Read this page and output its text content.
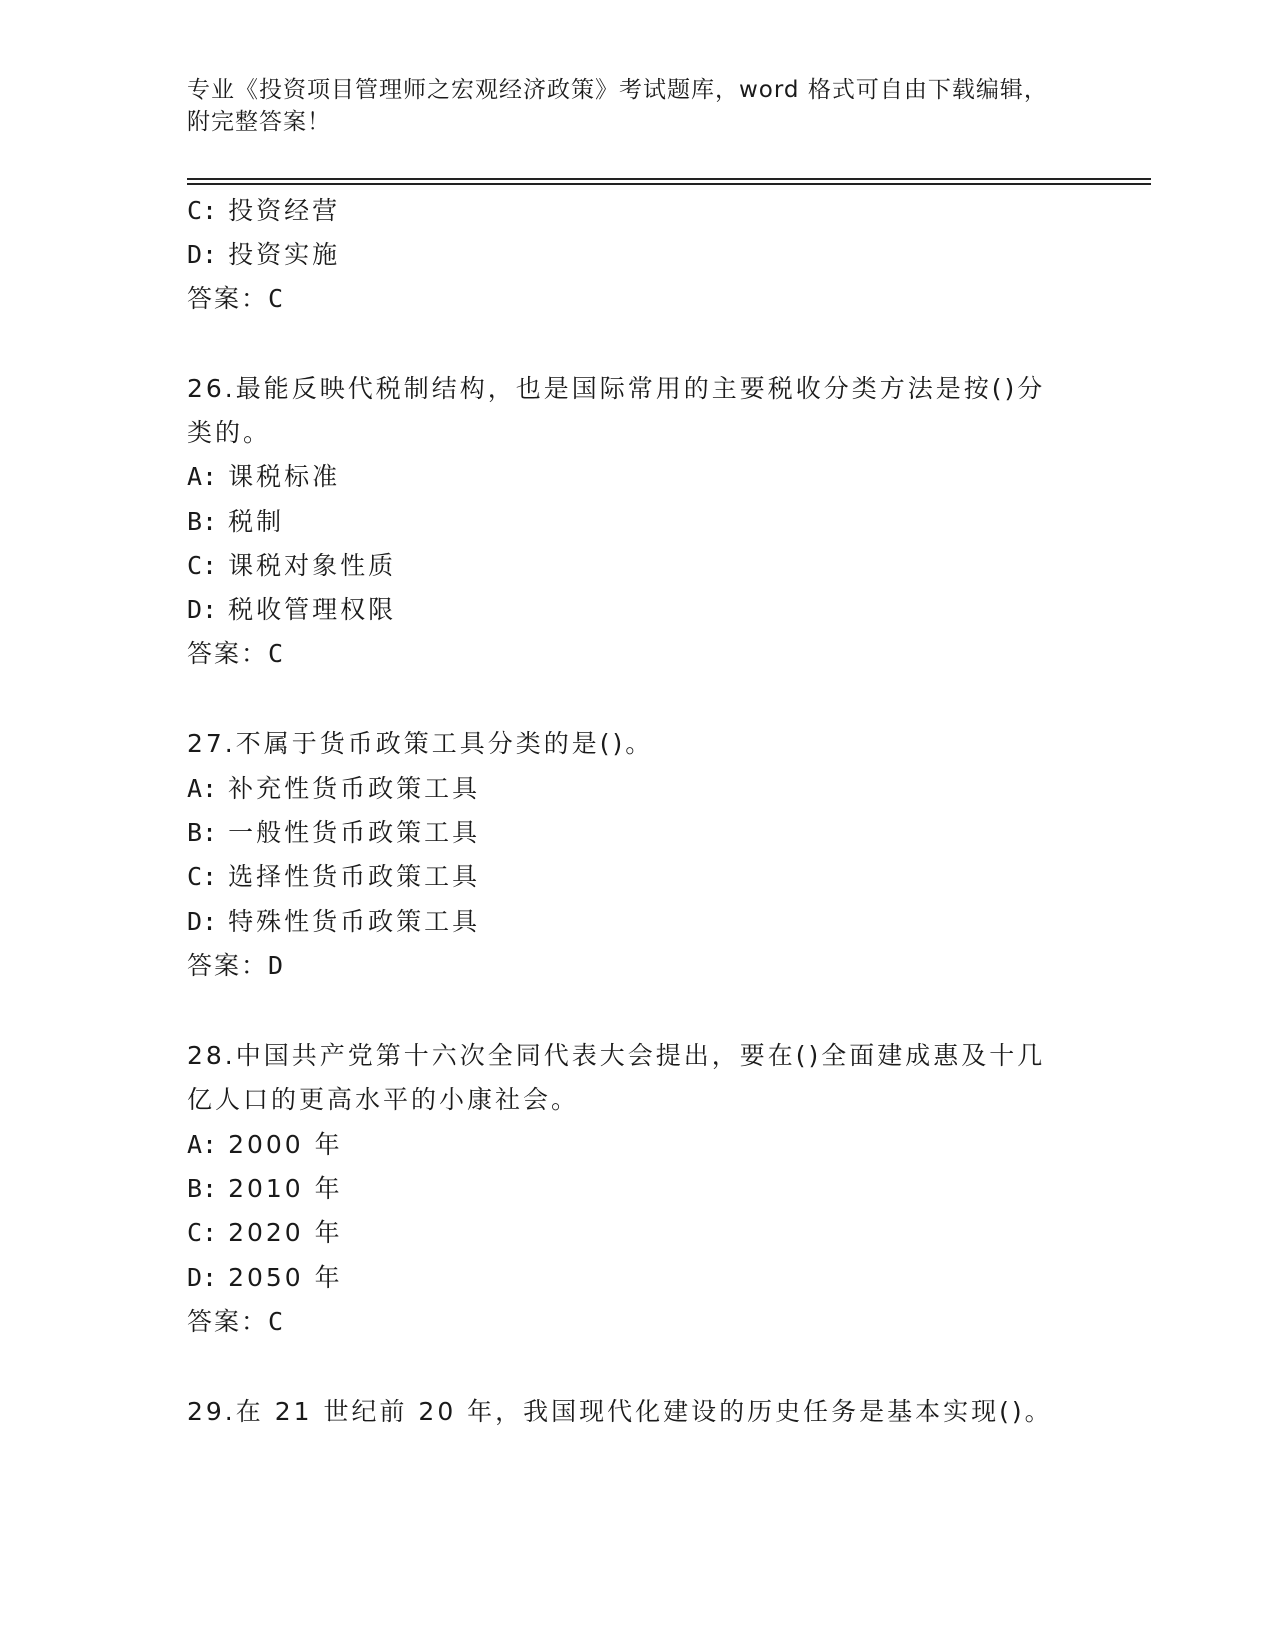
专业《投资项目管理师之宏观经济政策》考试题库，word 格式可自由下载编辑，
附完整答案！
C: 投资经营
D: 投资实施
答案：C
26.最能反映代税制结构，也是国际常用的主要税收分类方法是按()分
类的。
A: 课税标准
B: 税制
C: 课税对象性质
D: 税收管理权限
答案：C
27.不属于货币政策工具分类的是()。
A: 补充性货币政策工具
B: 一般性货币政策工具
C: 选择性货币政策工具
D: 特殊性货币政策工具
答案：D
28.中国共产党第十六次全同代表大会提出，要在()全面建成惠及十几
亿人口的更高水平的小康社会。
A: 2000 年
B: 2010 年
C: 2020 年
D: 2050 年
答案：C
29.在 21 世纪前 20 年，我国现代化建设的历史任务是基本实现()。
